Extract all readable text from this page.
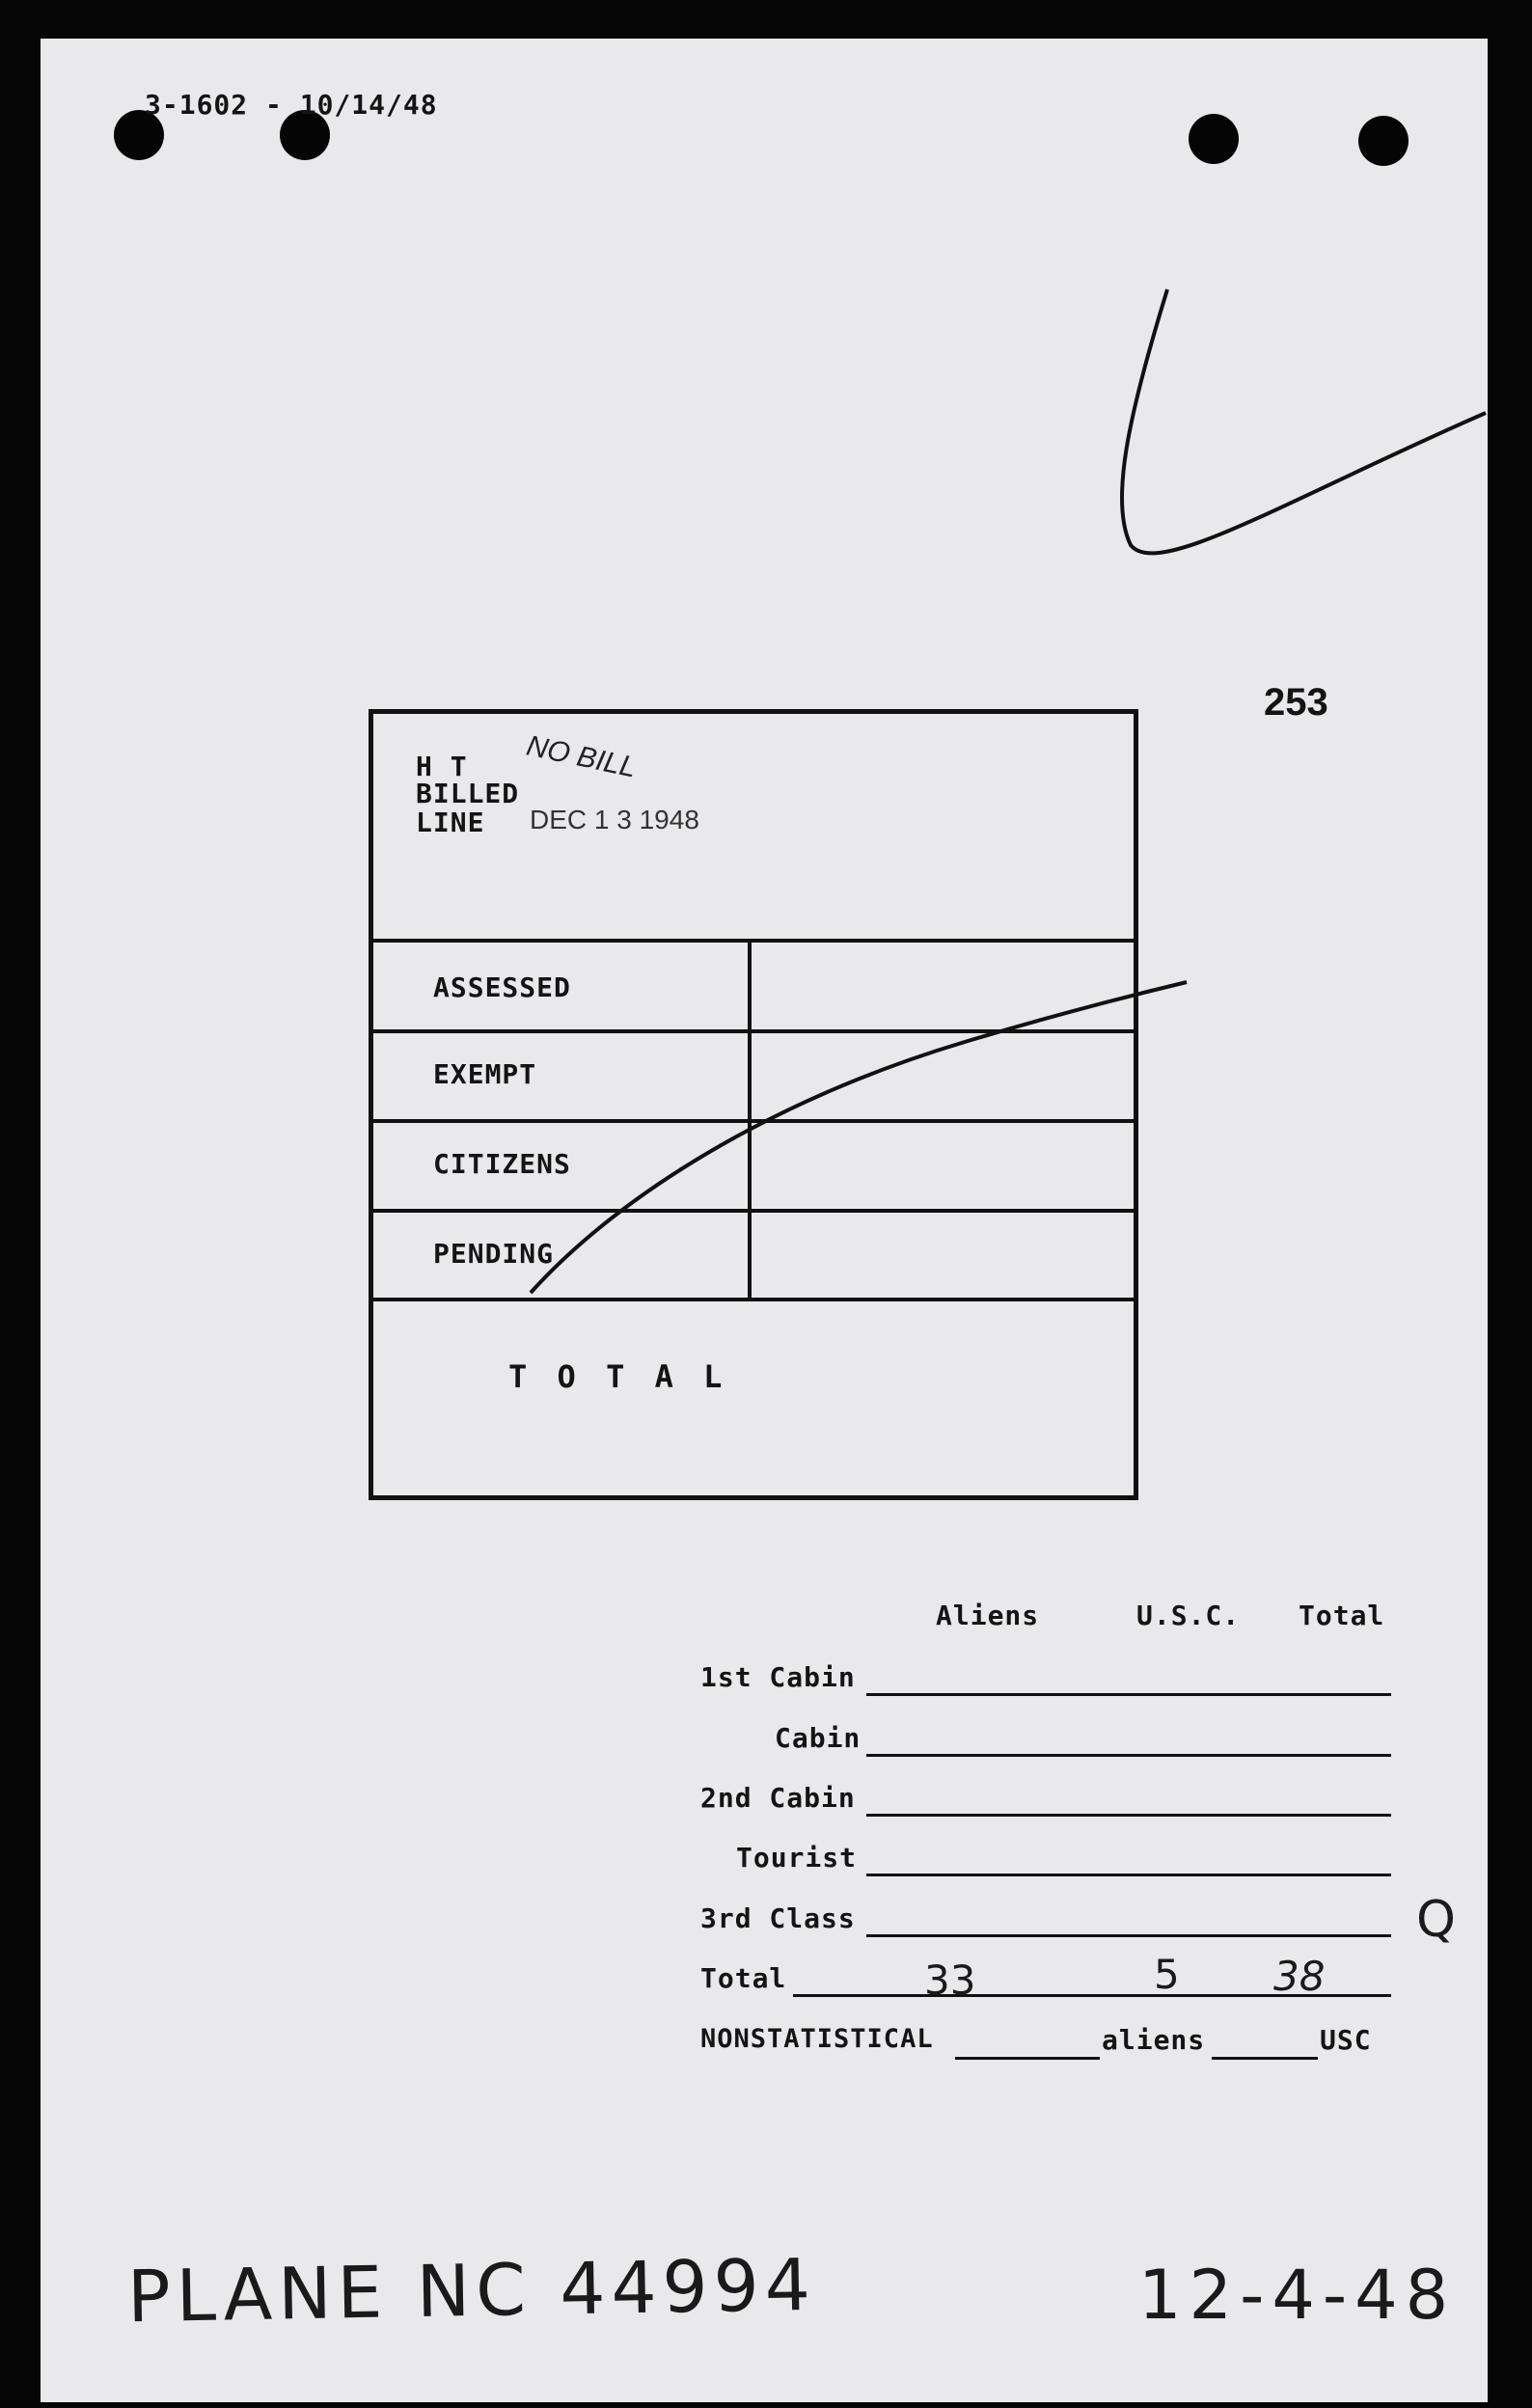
3-1602 - 10/14/48
253
H T
BILLED
LINE
NO BILL
DEC 1 3 1948
ASSESSED
EXEMPT
CITIZENS
PENDING
T O T A L
Aliens	U.S.C. Total
1st Cabin
Cabin
2nd Cabin
Tourist
3rd Class
Total	33	5 38
NONSTATISTICAL	aliens	USC
Q
PLANE NC 44994	12-4-48
